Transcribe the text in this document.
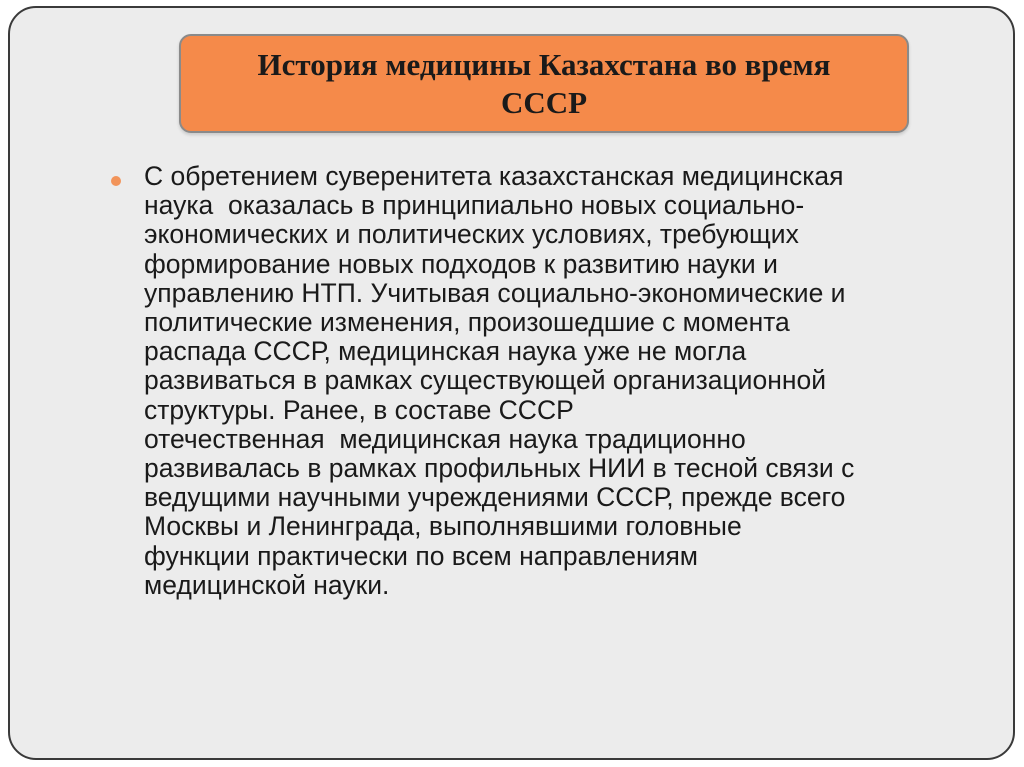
История медицины Казахстана во время СССР
С обретением суверенитета казахстанская медицинская
наука  оказалась в принципиально новых социально-
экономических и политических условиях, требующих
формирование новых подходов к развитию науки и
управлению НТП. Учитывая социально-экономические и
политические изменения, произошедшие с момента
распада СССР, медицинская наука уже не могла
развиваться в рамках существующей организационной
структуры. Ранее, в составе СССР
отечественная  медицинская наука традиционно
развивалась в рамках профильных НИИ в тесной связи с
ведущими научными учреждениями СССР, прежде всего
Москвы и Ленинграда, выполнявшими головные
функции практически по всем направлениям
медицинской науки.
